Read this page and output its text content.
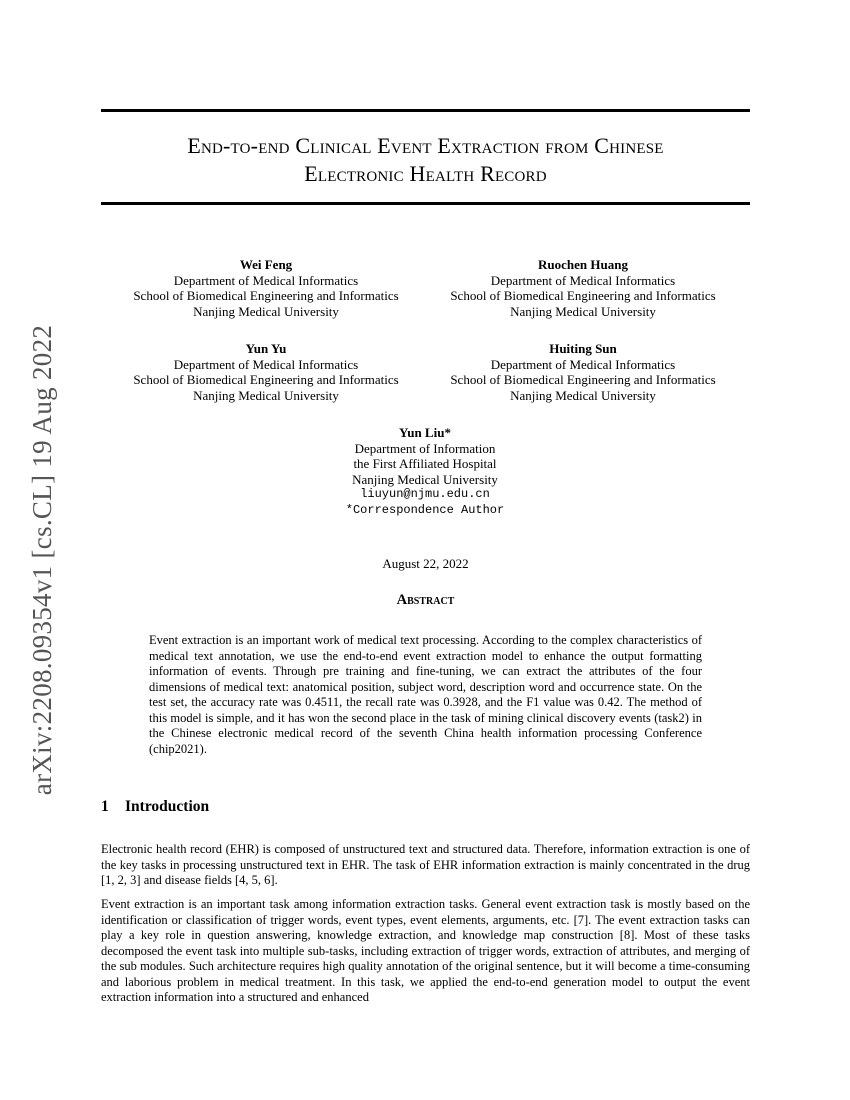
arXiv:2208.09354v1 [cs.CL] 19 Aug 2022
End-to-end Clinical Event Extraction from Chinese
Electronic Health Record
Wei Feng
Department of Medical Informatics
School of Biomedical Engineering and Informatics
Nanjing Medical University
Ruochen Huang
Department of Medical Informatics
School of Biomedical Engineering and Informatics
Nanjing Medical University
Yun Yu
Department of Medical Informatics
School of Biomedical Engineering and Informatics
Nanjing Medical University
Huiting Sun
Department of Medical Informatics
School of Biomedical Engineering and Informatics
Nanjing Medical University
Yun Liu*
Department of Information
the First Affiliated Hospital
Nanjing Medical University
liuyun@njmu.edu.cn
*Correspondence Author
August 22, 2022
Abstract
Event extraction is an important work of medical text processing. According to the complex characteristics of medical text annotation, we use the end-to-end event extraction model to enhance the output formatting information of events. Through pre training and fine-tuning, we can extract the attributes of the four dimensions of medical text: anatomical position, subject word, description word and occurrence state. On the test set, the accuracy rate was 0.4511, the recall rate was 0.3928, and the F1 value was 0.42. The method of this model is simple, and it has won the second place in the task of mining clinical discovery events (task2) in the Chinese electronic medical record of the seventh China health information processing Conference (chip2021).
1 Introduction
Electronic health record (EHR) is composed of unstructured text and structured data. Therefore, information extraction is one of the key tasks in processing unstructured text in EHR. The task of EHR information extraction is mainly concentrated in the drug [1, 2, 3] and disease fields [4, 5, 6].
Event extraction is an important task among information extraction tasks. General event extraction task is mostly based on the identification or classification of trigger words, event types, event elements, arguments, etc. [7]. The event extraction tasks can play a key role in question answering, knowledge extraction, and knowledge map construction [8]. Most of these tasks decomposed the event task into multiple sub-tasks, including extraction of trigger words, extraction of attributes, and merging of the sub modules. Such architecture requires high quality annotation of the original sentence, but it will become a time-consuming and laborious problem in medical treatment. In this task, we applied the end-to-end generation model to output the event extraction information into a structured and enhanced
